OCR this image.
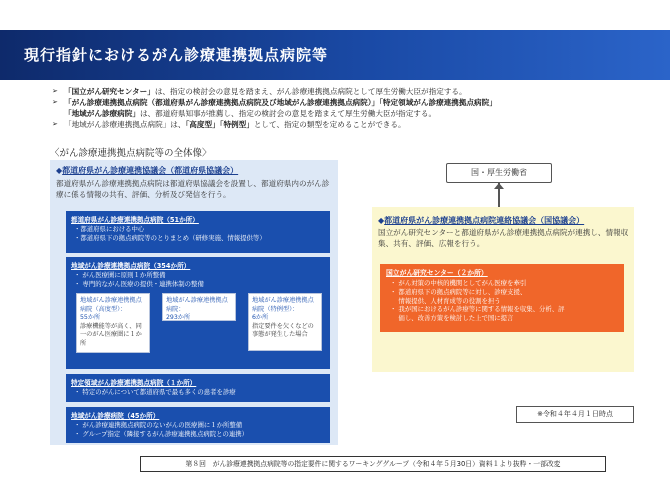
現行指針におけるがん診療連携拠点病院等
➢ 「国立がん研究センター」は、指定の検討会の意見を踏まえ、がん診療連携拠点病院として厚生労働大臣が指定する。
➢ 「がん診療連携拠点病院（都道府県がん診療連携拠点病院及び地域がん診療連携拠点病院）」「特定領域がん診療連携拠点病院」
「地域がん診療病院」は、都道府県知事が推薦し、指定の検討会の意見を踏まえて厚生労働大臣が指定する。
➢ 「地域がん診療連携拠点病院」は、「高度型」「特例型」として、指定の類型を定めることができる。
〈がん診療連携拠点病院等の全体像〉
◆都道府県がん診療連携協議会（都道府県協議会）
都道府県がん診療連携拠点病院は都道府県協議会を設置し、都道府県内のがん診療に係る情報の共有、評価、分析及び発信を行う。
都道府県がん診療連携拠点病院（51か所）
・都道府県における中心
・都道府県下の拠点病院等のとりまとめ（研修実施、情報提供等）
地域がん診療連携拠点病院（354か所）
・ がん医療圏に原則１か所整備
・ 専門的ながん医療の提供・連携体制の整備
地域がん診療連携拠点病院（高度型）：
55か所
診療機能等が高く、同一のがん医療圏に１か所
地域がん診療連携拠点病院：
293か所
地域がん診療連携拠点病院（特例型）：
6か所
指定要件を欠くなどの事態が発生した場合
特定領域がん診療連携拠点病院（１か所）
・ 特定のがんについて都道府県で最も多くの患者を診療
地域がん診療病院（45か所）
・ がん診療連携拠点病院のないがんの医療圏に１か所整備
・ グループ指定（隣接するがん診療連携拠点病院との連携）
国・厚生労働省
◆都道府県がん診療連携拠点病院連絡協議会（国協議会）
国立がん研究センターと都道府県がん診療連携拠点病院が連携し、情報収集、共有、評価、広報を行う。
国立がん研究センター（２か所）
・ がん対策の中核的機関としてがん医療を牽引
・ 都道府県下の拠点病院等に対し、診療支援、
　 情報提供、人材育成等の役割を担う
・ 我が国におけるがん診療等に関する情報を収集、分析、評
　 価し、改善方策を検討した上で国に提言
※令和４年４月１日時点
第８回　がん診療連携拠点病院等の指定要件に関するワーキンググループ（令和４年５月30日）資料１より抜粋・一部改変
